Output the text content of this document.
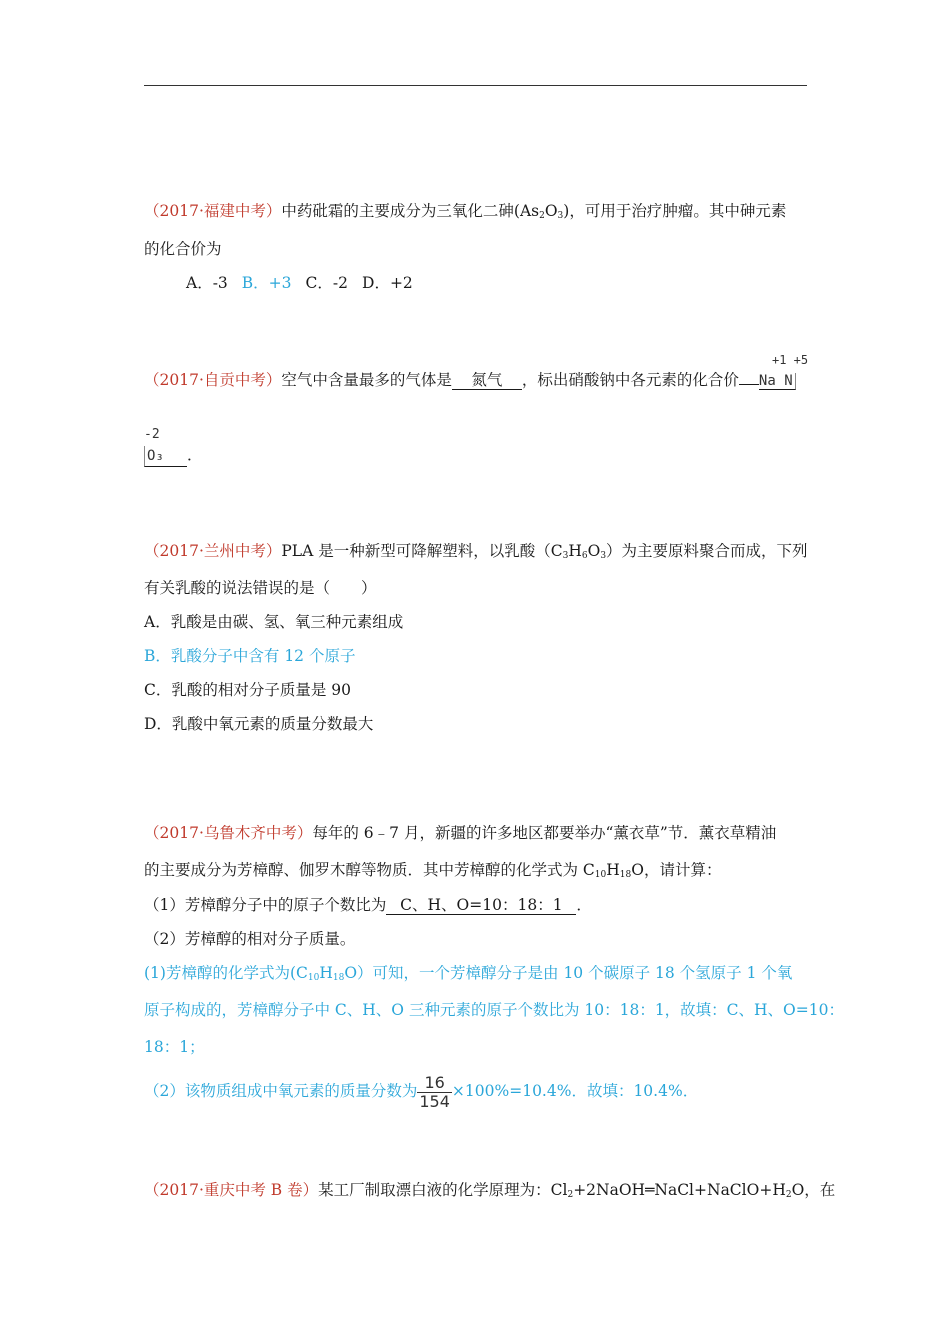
（2017·福建中考）中药砒霜的主要成分为三氧化二砷$(As_2O_3)$，可用于治疗肿瘤。其中砷元素
的化合价为
A．-3 B．+3 C．-2 D．+2
+1 +5
（2017·自贡中考）空气中含量最多的气体是 氮气 ，标出硝酸钠中各元素的化合价 Na N
-2
O₃ ．
（2017·兰州中考）PLA 是一种新型可降解塑料，以乳酸$(C_3H_6O_3)$为主要原料聚合而成，下列
有关乳酸的说法错误的是（　　）
A．乳酸是由碳、氢、氧三种元素组成
B．乳酸分子中含有 12 个原子
C．乳酸的相对分子质量是 90
D．乳酸中氧元素的质量分数最大
（2017·乌鲁木齐中考）每年的 6﹣7 月，新疆的许多地区都要举办“薰衣草”节．薰衣草精油
的主要成分为芳樟醇、伽罗木醇等物质．其中芳樟醇的化学式为 $C_{10}H_{18}O$，请计算：
（1）芳樟醇分子中的原子个数比为 C、H、O=10：18：1 ．
（2）芳樟醇的相对分子质量。
(1)芳樟醇的化学式为$(C_{10}H_{18}O)$可知，一个芳樟醇分子是由 10 个碳原子 18 个氢原子 1 个氧
原子构成的，芳樟醇分子中 C、H、O 三种元素的原子个数比为 10：18：1，故填：C、H、O=10：
18：1；
（2）该物质组成中氧元素的质量分数为 $\frac{16}{154} \times 100\%=10.4\%$．故填：10.4%．
（2017·重庆中考 B 卷）某工厂制取漂白液的化学原理为：$Cl_2+2NaOH═NaCl+NaClO+H_2O$，在
